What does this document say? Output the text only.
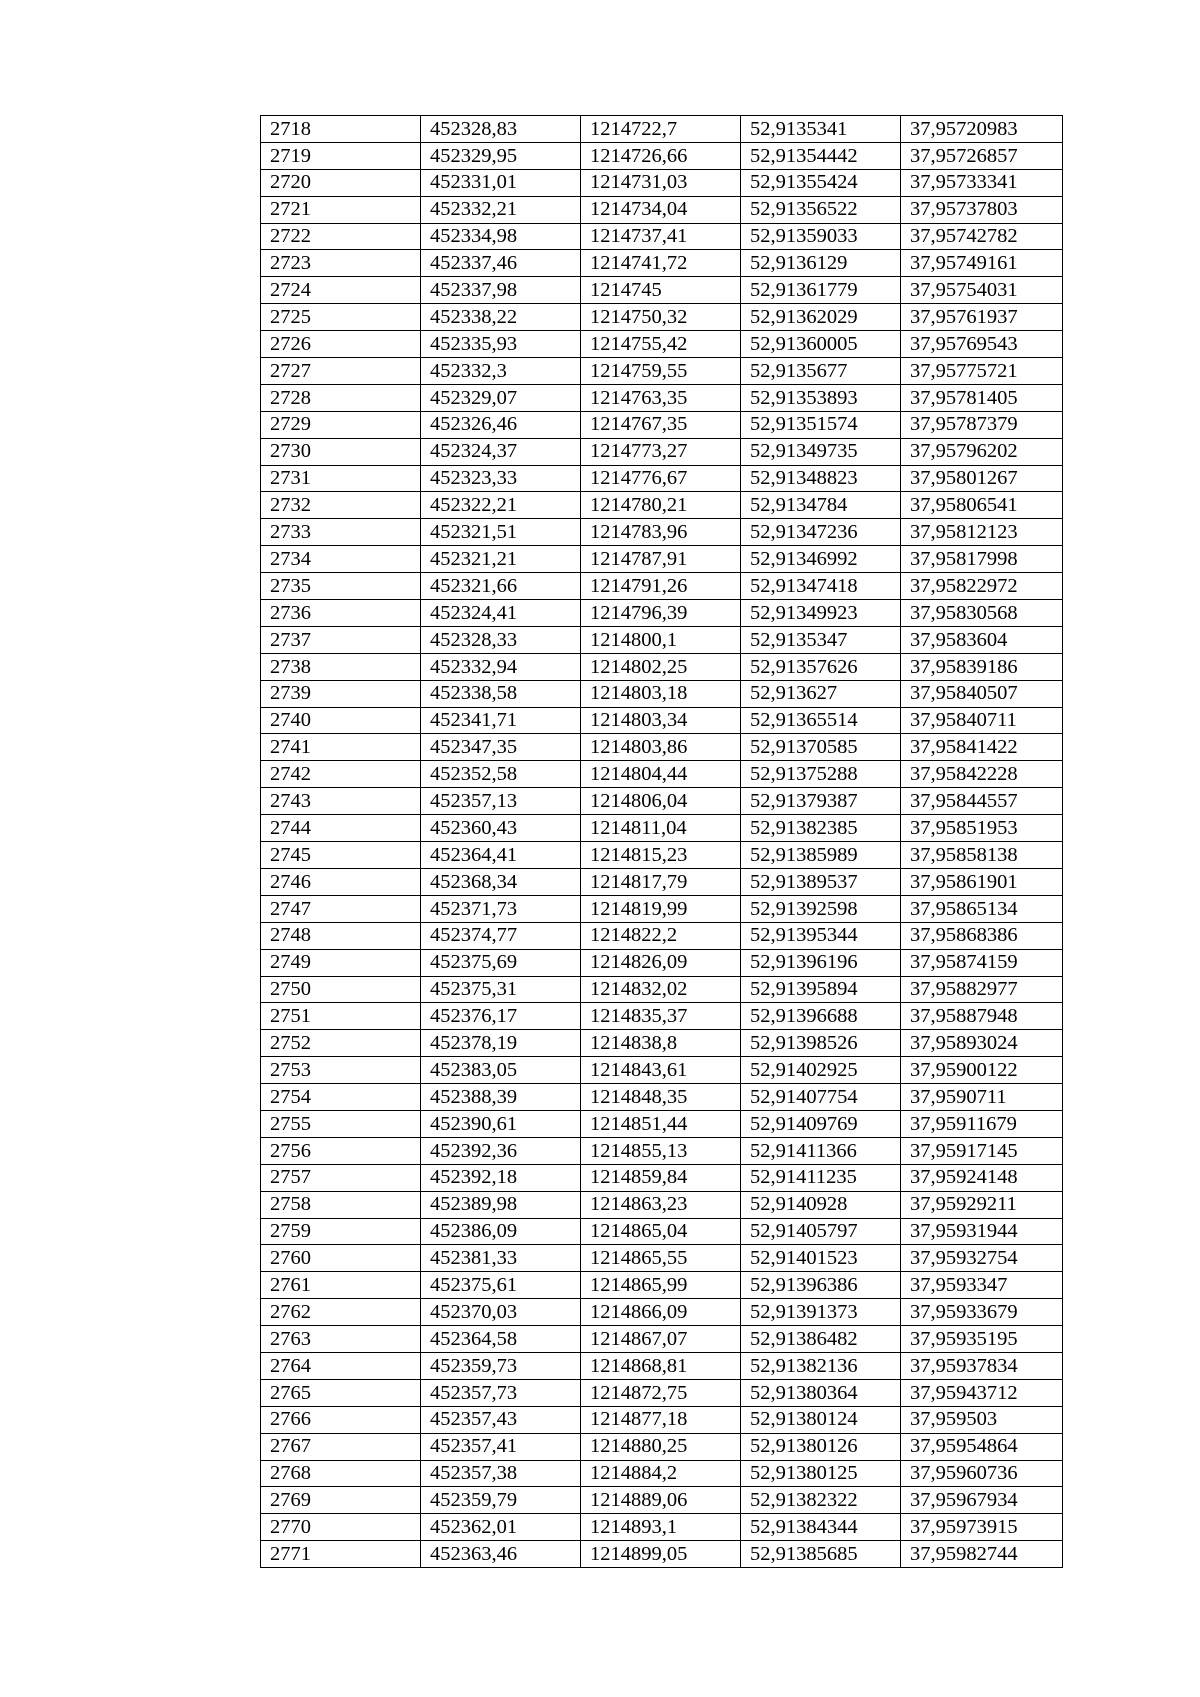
2718	452328,83	1214722,7	52,9135341	37,95720983
2719	452329,95	1214726,66	52,91354442	37,95726857
2720	452331,01	1214731,03	52,91355424	37,95733341
2721	452332,21	1214734,04	52,91356522	37,95737803
2722	452334,98	1214737,41	52,91359033	37,95742782
2723	452337,46	1214741,72	52,9136129	37,95749161
2724	452337,98	1214745	52,91361779	37,95754031
2725	452338,22	1214750,32	52,91362029	37,95761937
2726	452335,93	1214755,42	52,91360005	37,95769543
2727	452332,3	1214759,55	52,9135677	37,95775721
2728	452329,07	1214763,35	52,91353893	37,95781405
2729	452326,46	1214767,35	52,91351574	37,95787379
2730	452324,37	1214773,27	52,91349735	37,95796202
2731	452323,33	1214776,67	52,91348823	37,95801267
2732	452322,21	1214780,21	52,9134784	37,95806541
2733	452321,51	1214783,96	52,91347236	37,95812123
2734	452321,21	1214787,91	52,91346992	37,95817998
2735	452321,66	1214791,26	52,91347418	37,95822972
2736	452324,41	1214796,39	52,91349923	37,95830568
2737	452328,33	1214800,1	52,9135347	37,9583604
2738	452332,94	1214802,25	52,91357626	37,95839186
2739	452338,58	1214803,18	52,913627	37,95840507
2740	452341,71	1214803,34	52,91365514	37,95840711
2741	452347,35	1214803,86	52,91370585	37,95841422
2742	452352,58	1214804,44	52,91375288	37,95842228
2743	452357,13	1214806,04	52,91379387	37,95844557
2744	452360,43	1214811,04	52,91382385	37,95851953
2745	452364,41	1214815,23	52,91385989	37,95858138
2746	452368,34	1214817,79	52,91389537	37,95861901
2747	452371,73	1214819,99	52,91392598	37,95865134
2748	452374,77	1214822,2	52,91395344	37,95868386
2749	452375,69	1214826,09	52,91396196	37,95874159
2750	452375,31	1214832,02	52,91395894	37,95882977
2751	452376,17	1214835,37	52,91396688	37,95887948
2752	452378,19	1214838,8	52,91398526	37,95893024
2753	452383,05	1214843,61	52,91402925	37,95900122
2754	452388,39	1214848,35	52,91407754	37,9590711
2755	452390,61	1214851,44	52,91409769	37,95911679
2756	452392,36	1214855,13	52,91411366	37,95917145
2757	452392,18	1214859,84	52,91411235	37,95924148
2758	452389,98	1214863,23	52,9140928	37,95929211
2759	452386,09	1214865,04	52,91405797	37,95931944
2760	452381,33	1214865,55	52,91401523	37,95932754
2761	452375,61	1214865,99	52,91396386	37,9593347
2762	452370,03	1214866,09	52,91391373	37,95933679
2763	452364,58	1214867,07	52,91386482	37,95935195
2764	452359,73	1214868,81	52,91382136	37,95937834
2765	452357,73	1214872,75	52,91380364	37,95943712
2766	452357,43	1214877,18	52,91380124	37,959503
2767	452357,41	1214880,25	52,91380126	37,95954864
2768	452357,38	1214884,2	52,91380125	37,95960736
2769	452359,79	1214889,06	52,91382322	37,95967934
2770	452362,01	1214893,1	52,91384344	37,95973915
2771	452363,46	1214899,05	52,91385685	37,95982744
